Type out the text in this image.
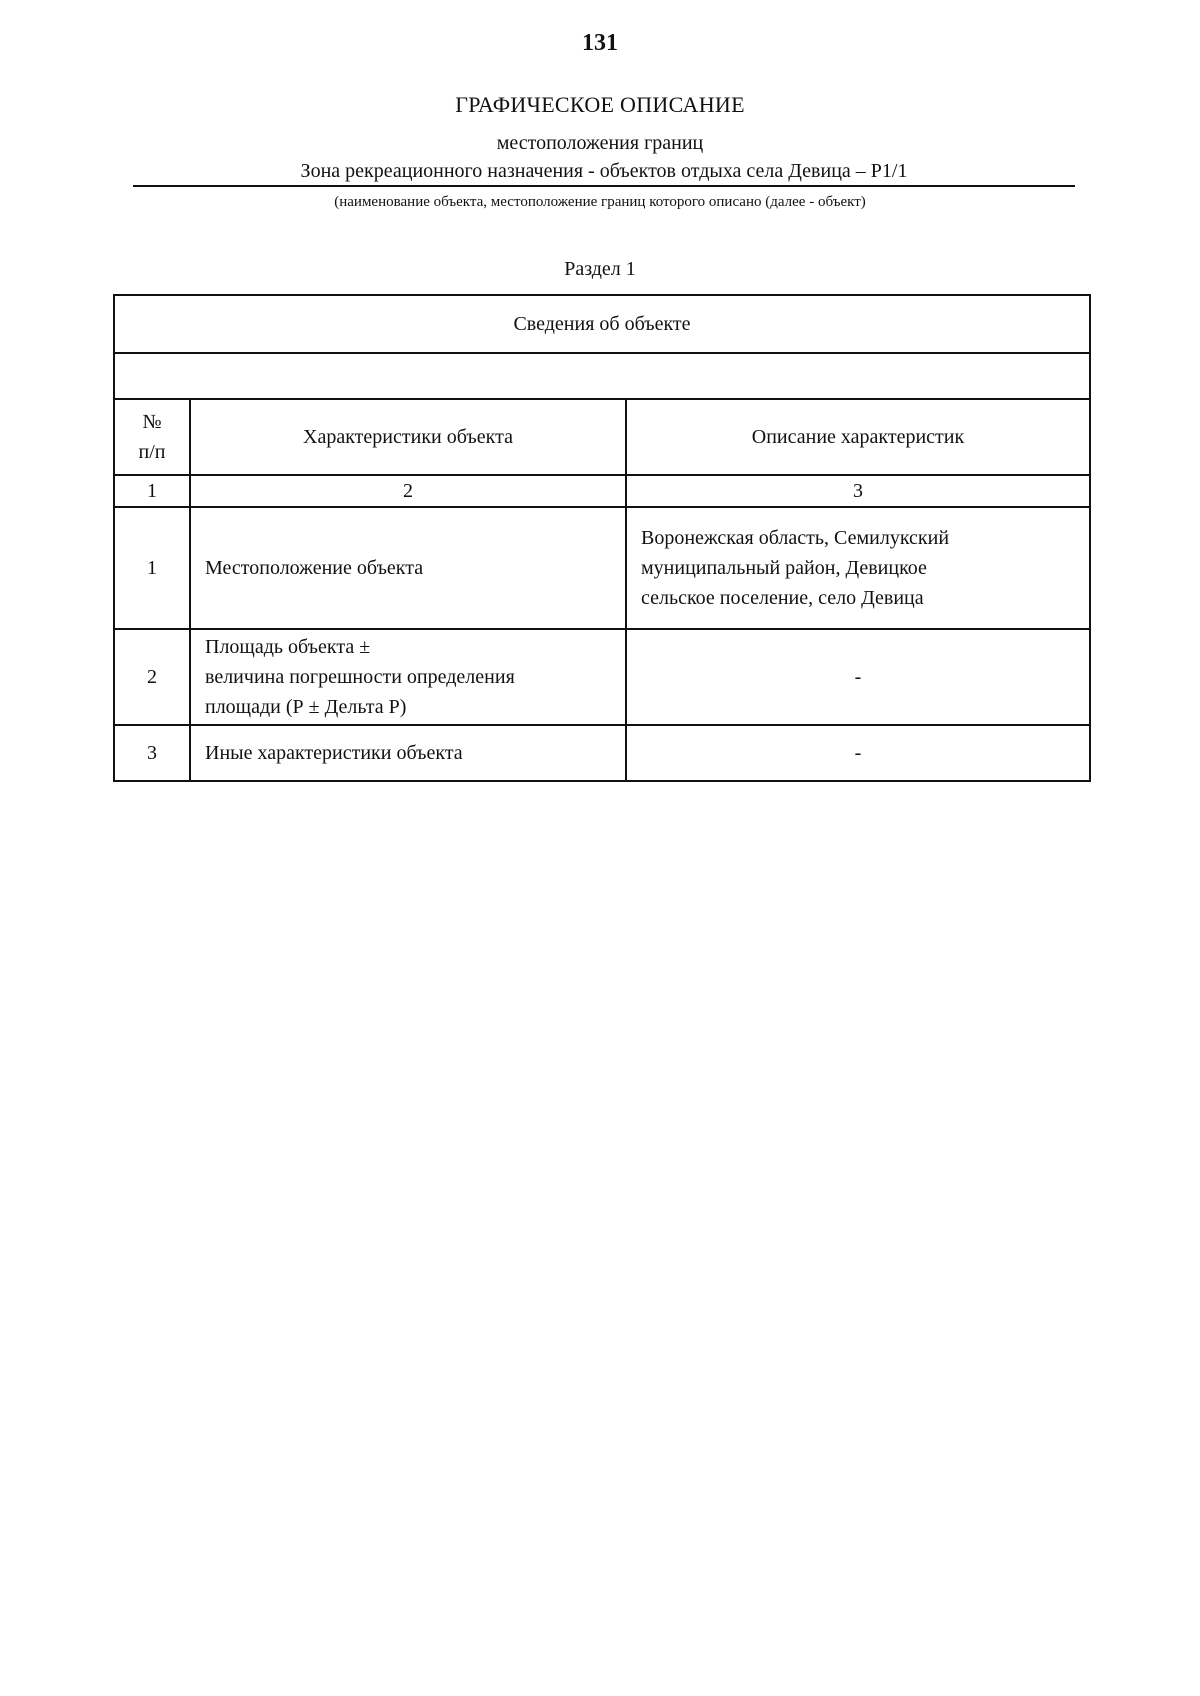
131
ГРАФИЧЕСКОЕ ОПИСАНИЕ
местоположения границ
Зона рекреационного назначения - объектов отдыха села Девица – Р1/1
(наименование объекта, местоположение границ которого описано (далее - объект)
Раздел 1
Сведения об объекте		

№
п/п	Характеристики объекта	Описание характеристик
1	2	3
1	Местоположение объекта	Воронежская область, Семилукский
муниципальный район, Девицкое
сельское поселение, село Девица

2	Площадь объекта ±
величина погрешности определения
площади (Р ± Дельта Р)	-
3	Иные характеристики объекта	-
